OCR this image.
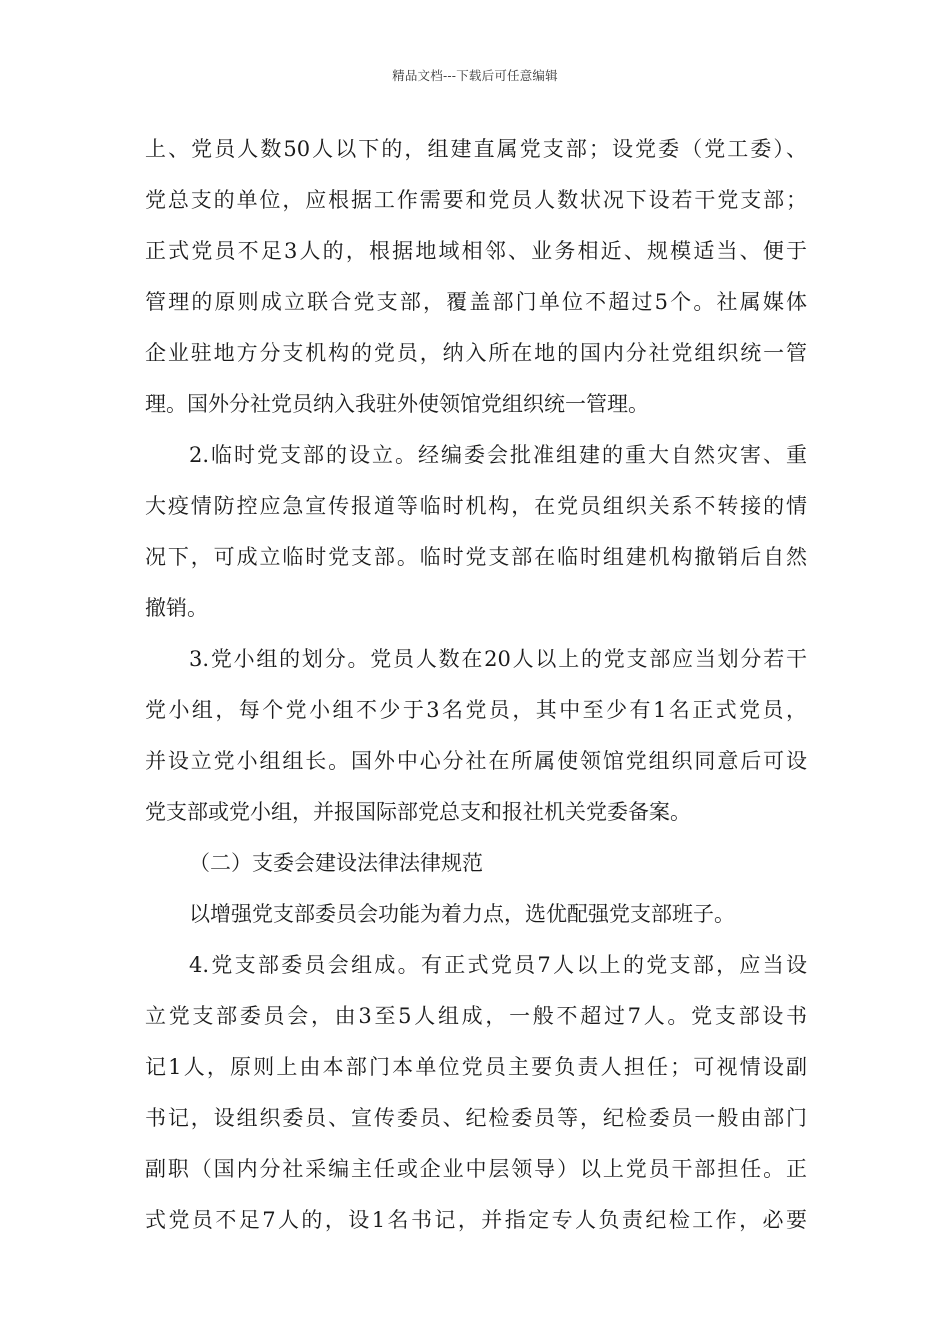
精品文档---下载后可任意编辑
上、党员人数50人以下的，组建直属党支部；设党委（党工委）、
党总支的单位，应根据工作需要和党员人数状况下设若干党支部；
正式党员不足3人的，根据地域相邻、业务相近、规模适当、便于
管理的原则成立联合党支部，覆盖部门单位不超过5个。社属媒体
企业驻地方分支机构的党员，纳入所在地的国内分社党组织统一管
理。国外分社党员纳入我驻外使领馆党组织统一管理。
2.临时党支部的设立。经编委会批准组建的重大自然灾害、重
大疫情防控应急宣传报道等临时机构，在党员组织关系不转接的情
况下，可成立临时党支部。临时党支部在临时组建机构撤销后自然
撤销。
3.党小组的划分。党员人数在20人以上的党支部应当划分若干
党小组，每个党小组不少于3名党员，其中至少有1名正式党员，
并设立党小组组长。国外中心分社在所属使领馆党组织同意后可设
党支部或党小组，并报国际部党总支和报社机关党委备案。
（二）支委会建设法律法律规范
以增强党支部委员会功能为着力点，选优配强党支部班子。
4.党支部委员会组成。有正式党员7人以上的党支部，应当设
立党支部委员会，由3至5人组成，一般不超过7人。党支部设书
记1人，原则上由本部门本单位党员主要负责人担任；可视情设副
书记，设组织委员、宣传委员、纪检委员等，纪检委员一般由部门
副职（国内分社采编主任或企业中层领导）以上党员干部担任。正
式党员不足7人的，设1名书记，并指定专人负责纪检工作，必要
